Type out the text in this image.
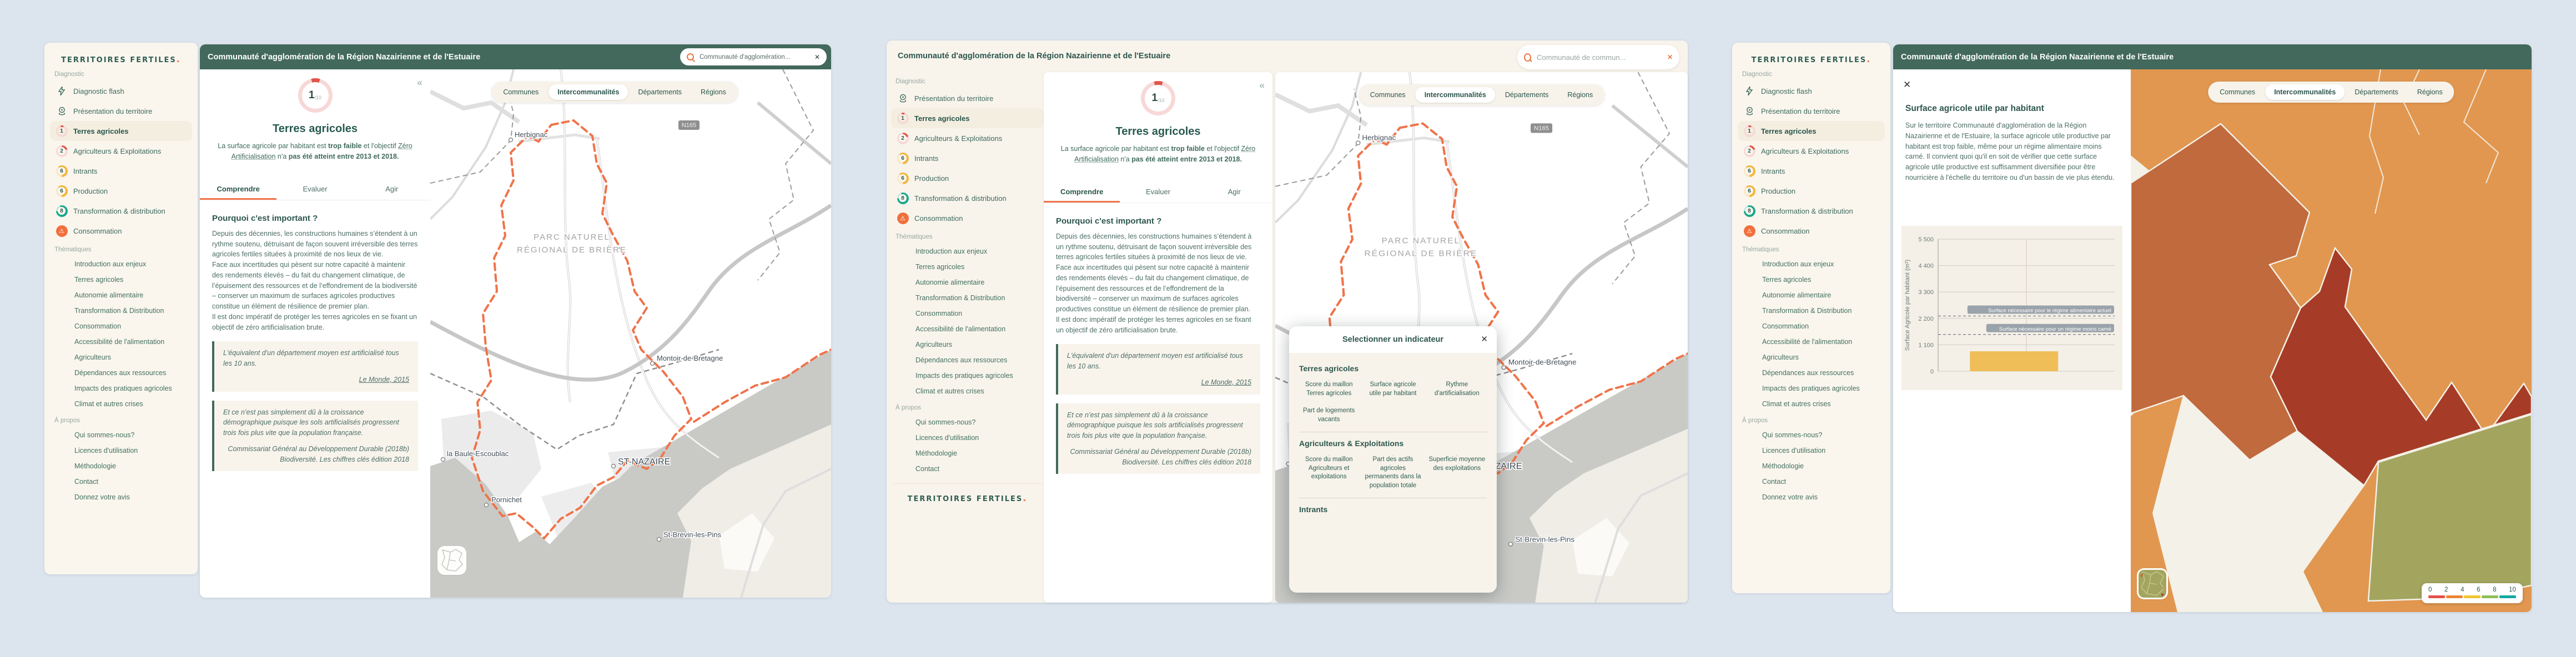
TERRITOIRES FERTILES.
Diagnostic
Diagnostic flash
Présentation du territoire
1 Terres agricoles
2 Agriculteurs & Exploitations
6 Intrants
6 Production
8 Transformation & distribution
⚠	Consommation
Thématiques
Introduction aux enjeux
Terres agricoles
Autonomie alimentaire
Transformation & Distribution
Consommation
Accessibilité de l'alimentation
Agriculteurs
Dépendances aux ressources
Impacts des pratiques agricoles
Climat et autres crises
À propos
Qui sommes-nous?
Licences d'utilisation
Méthodologie
Contact
Donnez votre avis
Communauté d'agglomération de la Région Nazairienne et de l'Estuaire
Communauté d'agglomération...	✕
«
1 /10
Terres agricoles
La surface agricole par habitant est trop faible et l'objectif Zéro Artificialisation n'a pas été atteint entre 2013 et 2018.
Comprendre	Evaluer	Agir
Pourquoi c'est important ?
Depuis des décennies, les constructions humaines s’étendent à un rythme soutenu, détruisant de façon souvent irréversible des terres agricoles fertiles situées à proximité de nos lieux de vie.
Face aux incertitudes qui pèsent sur notre capacité à maintenir des rendements élevés – du fait du changement climatique, de l’épuisement des ressources et de l’effondrement de la biodiversité – conserver un maximum de surfaces agricoles productives constitue un élément de résilience de premier plan.
Il est donc impératif de protéger les terres agricoles en se fixant un objectif de zéro artificialisation brute.
L'équivalent d'un département moyen est artificialisé tous les 10 ans.
Le Monde, 2015
Et ce n’est pas simplement dû à la croissance démographique puisque les sols artificialisés progressent trois fois plus vite que la population française.
Commissariat Général au Développement Durable (2018b) Biodiversité. Les chiffres clés édition 2018
Communes	Intercommunalités	Départements	Régions
Communauté d'agglomération de la Région Nazairienne et de l'Estuaire
Communauté de commun...	✕
Diagnostic
Présentation du territoire
1 Terres agricoles
2 Agriculteurs & Exploitations
6 Intrants
6 Production
8 Transformation & distribution
⚠	Consommation
Thématiques
Introduction aux enjeux
Terres agricoles
Autonomie alimentaire
Transformation & Distribution
Consommation
Accessibilité de l'alimentation
Agriculteurs
Dépendances aux ressources
Impacts des pratiques agricoles
Climat et autres crises
À propos
Qui sommes-nous?
Licences d'utilisation
Méthodologie
Contact
TERRITOIRES FERTILES.
«
1 /10
Terres agricoles
La surface agricole par habitant est trop faible et l'objectif Zéro Artificialisation n'a pas été atteint entre 2013 et 2018.
Comprendre	Evaluer	Agir
Pourquoi c'est important ?
Depuis des décennies, les constructions humaines s’étendent à un rythme soutenu, détruisant de façon souvent irréversible des terres agricoles fertiles situées à proximité de nos lieux de vie.
Face aux incertitudes qui pèsent sur notre capacité à maintenir des rendements élevés – du fait du changement climatique, de l’épuisement des ressources et de l’effondrement de la biodiversité – conserver un maximum de surfaces agricoles productives constitue un élément de résilience de premier plan.
Il est donc impératif de protéger les terres agricoles en se fixant un objectif de zéro artificialisation brute.
L'équivalent d'un département moyen est artificialisé tous les 10 ans.
Le Monde, 2015
Et ce n’est pas simplement dû à la croissance démographique puisque les sols artificialisés progressent trois fois plus vite que la population française.
Commissariat Général au Développement Durable (2018b) Biodiversité. Les chiffres clés édition 2018
Communes	Intercommunalités	Départements	Régions
Selectionner un indicateur	✕
Terres agricoles
Score du maillon Terres agricoles
Surface agricole utile par habitant
Rythme d'artificialisation
Part de logements vacants
Agriculteurs & Exploitations
Score du maillon Agriculteurs et exploitations
Part des actifs agricoles permanents dans la population totale
Superficie moyenne des exploitations
Intrants
TERRITOIRES FERTILES.
Diagnostic
Diagnostic flash
Présentation du territoire
1 Terres agricoles
2 Agriculteurs & Exploitations
6 Intrants
6 Production
8 Transformation & distribution
⚠	Consommation
Thématiques
Introduction aux enjeux
Terres agricoles
Autonomie alimentaire
Transformation & Distribution
Consommation
Accessibilité de l'alimentation
Agriculteurs
Dépendances aux ressources
Impacts des pratiques agricoles
Climat et autres crises
À propos
Qui sommes-nous?
Licences d'utilisation
Méthodologie
Contact
Donnez votre avis
Communauté d'agglomération de la Région Nazairienne et de l'Estuaire
✕
Surface agricole utile par habitant
Sur le territoire Communauté d'agglomération de la Région Nazairienne et de l'Estuaire, la surface agricole utile productive par habitant est trop faible, même pour un régime alimentaire moins carné. Il convient quoi qu'il en soit de vérifier que cette surface agricole utile productive est suffisamment diversifiée pour être nourricière à l'échelle du territoire ou d'un bassin de vie plus étendu.
0
1 100
2 200
3 300
4 400
5 500
Surface nécessaire pour le régime alimentaire actuel
Surface nécessaire pour un régime moins carné
Surface Agricole par habitant (m²)
Communes	Intercommunalités	Départements	Régions
0 2 4 6 8 10
